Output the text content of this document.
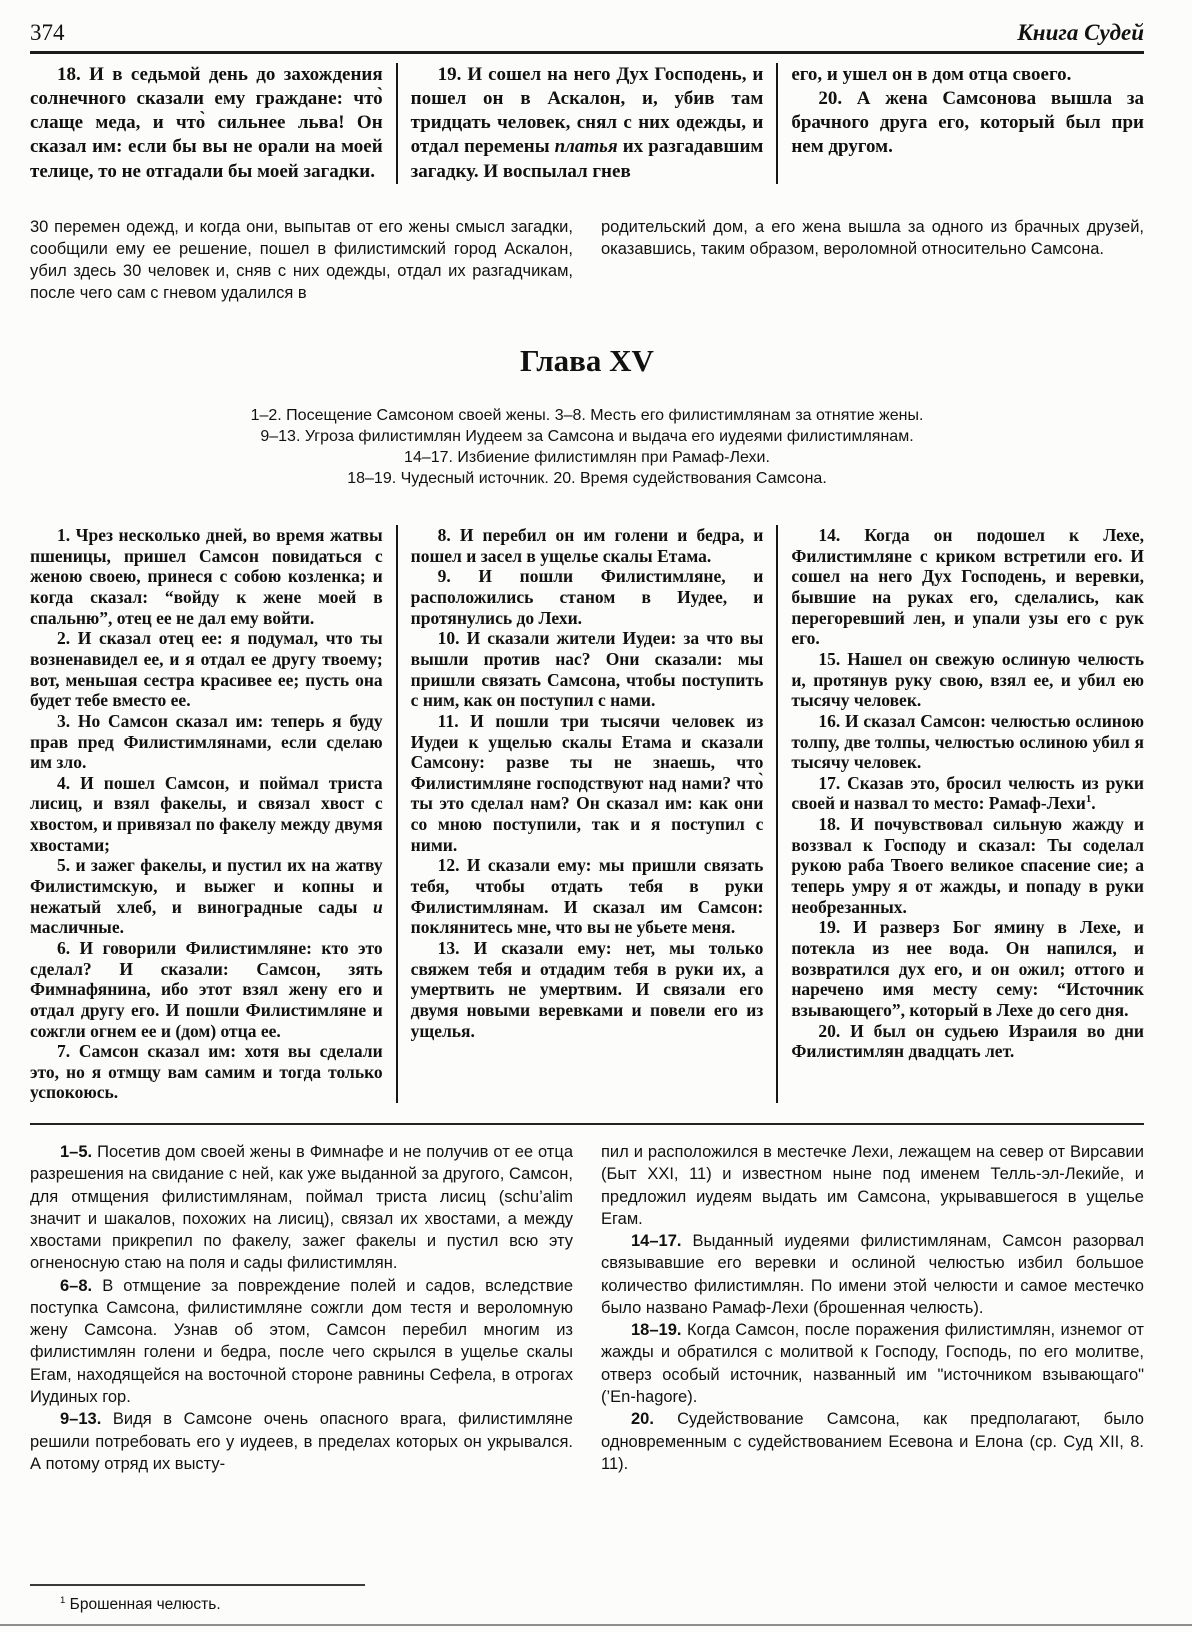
374	Книга Судей

18. И в седьмой день до захождения солнечного сказали ему граждане: что̀ слаще меда, и что̀ сильнее льва! Он сказал им: если бы вы не орали на моей телице, то не отгадали бы моей загадки.

19. И сошел на него Дух Господень, и пошел он в Аскалон, и, убив там тридцать человек, снял с них одежды, и отдал перемены платья их разгадавшим загадку. И воспылал гнев

его, и ушел он в дом отца своего.

20. А жена Самсонова вышла за брачного друга его, который был при нем другом.

30 перемен одежд, и когда они, выпытав от его жены смысл загадки, сообщили ему ее решение, пошел в филистимский город Аскалон, убил здесь 30 человек и, сняв с них одежды, отдал их разгадчикам, после чего сам с гневом удалился в

родительский дом, а его жена вышла за одного из брачных друзей, оказавшись, таким образом, вероломной относительно Самсона.

Глава XV
1–2. Посещение Самсоном своей жены. 3–8. Месть его филистимлянам за отнятие жены.
9–13. Угроза филистимлян Иудеем за Самсона и выдача его иудеями филистимлянам.
14–17. Избиение филистимлян при Рамаф-Лехи.
18–19. Чудесный источник. 20. Время судействования Самсона.

1. Чрез несколько дней, во время жатвы пшеницы, пришел Самсон повидаться с женою своею, принеся с собою козленка; и когда сказал: “войду к жене моей в спальню”, отец ее не дал ему войти.

2. И сказал отец ее: я подумал, что ты возненавидел ее, и я отдал ее другу твоему; вот, меньшая сестра красивее ее; пусть она будет тебе вместо ее.

3. Но Самсон сказал им: теперь я буду прав пред Филистимлянами, если сделаю им зло.

4. И пошел Самсон, и поймал триста лисиц, и взял факелы, и связал хвост с хвостом, и привязал по факелу между двумя хвостами;

5. и зажег факелы, и пустил их на жатву Филистимскую, и выжег и копны и нежатый хлеб, и виноградные сады и масличные.

6. И говорили Филистимляне: кто это сделал? И сказали: Самсон, зять Фимнафянина, ибо этот взял жену его и отдал другу его. И пошли Филистимляне и сожгли огнем ее и (дом) отца ее.

7. Самсон сказал им: хотя вы сделали это, но я отмщу вам самим и тогда только успокоюсь.

8. И перебил он им голени и бедра, и пошел и засел в ущелье скалы Етама.

9. И пошли Филистимляне, и расположились станом в Иудее, и протянулись до Лехи.

10. И сказали жители Иудеи: за что вы вышли против нас? Они сказали: мы пришли связать Самсона, чтобы поступить с ним, как он поступил с нами.

11. И пошли три тысячи человек из Иудеи к ущелью скалы Етама и сказали Самсону: разве ты не знаешь, что Филистимляне господствуют над нами? что̀ ты это сделал нам? Он сказал им: как они со мною поступили, так и я поступил с ними.

12. И сказали ему: мы пришли связать тебя, чтобы отдать тебя в руки Филистимлянам. И сказал им Самсон: поклянитесь мне, что вы не убьете меня.

13. И сказали ему: нет, мы только свяжем тебя и отдадим тебя в руки их, а умертвить не умертвим. И связали его двумя новыми веревками и повели его из ущелья.

14. Когда он подошел к Лехе, Филистимляне с криком встретили его. И сошел на него Дух Господень, и веревки, бывшие на руках его, сделались, как перегоревший лен, и упали узы его с рук его.

15. Нашел он свежую ослиную челюсть и, протянув руку свою, взял ее, и убил ею тысячу человек.

16. И сказал Самсон: челюстью ослиною толпу, две толпы, челюстью ослиною убил я тысячу человек.

17. Сказав это, бросил челюсть из руки своей и назвал то место: Рамаф-Лехи$^1$.

18. И почувствовал сильную жажду и воззвал к Господу и сказал: Ты соделал рукою раба Твоего великое спасение сие; а теперь умру я от жажды, и попаду в руки необрезанных.

19. И разверз Бог ямину в Лехе, и потекла из нее вода. Он напился, и возвратился дух его, и он ожил; оттого и наречено имя месту сему: “Источник взывающего”, который в Лехе до сего дня.

20. И был он судьею Израиля во дни Филистимлян двадцать лет.

1–5. Посетив дом своей жены в Фимнафе и не получив от ее отца разрешения на свидание с ней, как уже выданной за другого, Самсон, для отмщения филистимлянам, поймал триста лисиц (schu’alim значит и шакалов, похожих на лисиц), связал их хвостами, а между хвостами прикрепил по факелу, зажег факелы и пустил всю эту огненосную стаю на поля и сады филистимлян.

6–8. В отмщение за повреждение полей и садов, вследствие поступка Самсона, филистимляне сожгли дом тестя и вероломную жену Самсона. Узнав об этом, Самсон перебил многим из филистимлян голени и бедра, после чего скрылся в ущелье скалы Егам, находящейся на восточной стороне равнины Сефела, в отрогах Иудиных гор.

9–13. Видя в Самсоне очень опасного врага, филистимляне решили потребовать его у иудеев, в пределах которых он укрывался. А потому отряд их высту-

пил и расположился в местечке Лехи, лежащем на север от Вирсавии (Быт XXI, 11) и известном ныне под именем Телль-эл-Лекийе, и предложил иудеям выдать им Самсона, укрывавшегося в ущелье Егам.

14–17. Выданный иудеями филистимлянам, Самсон разорвал связывавшие его веревки и ослиной челюстью избил большое количество филистимлян. По имени этой челюсти и самое местечко было названо Рамаф-Лехи (брошенная челюсть).

18–19. Когда Самсон, после поражения филистимлян, изнемог от жажды и обратился с молитвой к Господу, Господь, по его молитве, отверз особый источник, названный им "источником взывающаго" (’En-hagore).

20. Судействование Самсона, как предполагают, было одновременным с судействованием Есевона и Елона (ср. Суд XII, 8. 11).

$^1$ Брошенная челюсть.
